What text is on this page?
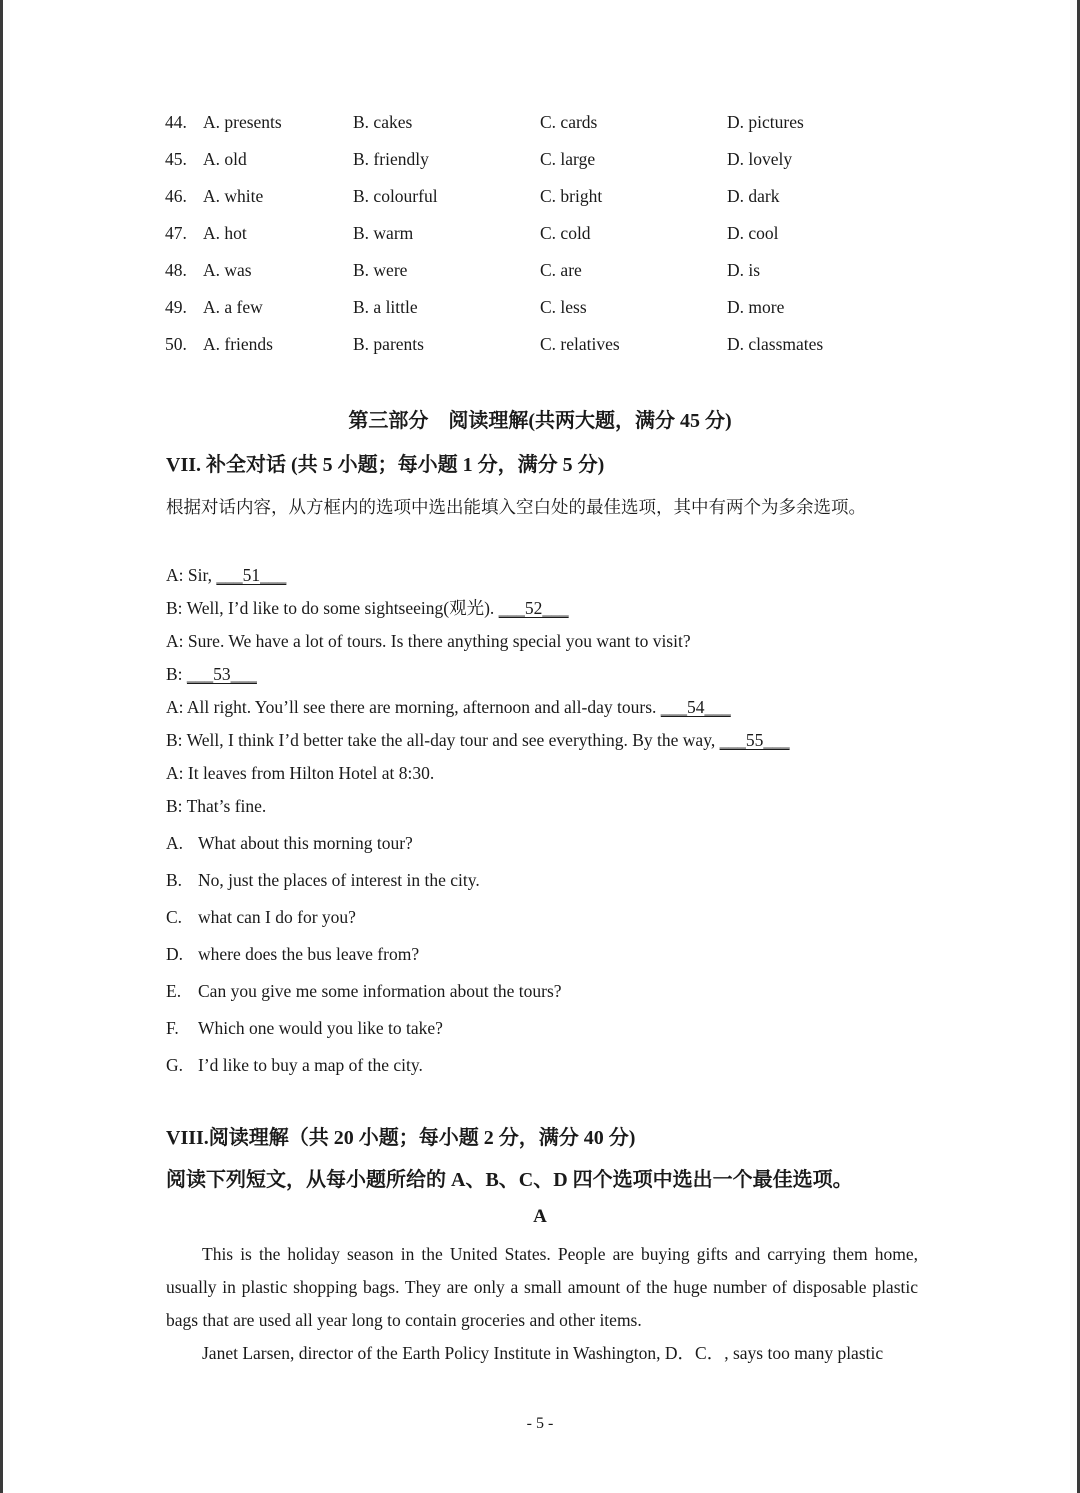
44. A. presents	B. cakes	C. cards	D. pictures
45. A. old	B. friendly	C. large	D. lovely
46. A. white	B. colourful	C. bright	D. dark
47. A. hot	B. warm	C. cold	D. cool
48. A. was	B. were	C. are	D. is
49. A. a few	B. a little	C. less	D. more
50. A. friends	B. parents	C. relatives	D. classmates
第三部分　阅读理解(共两大题，满分 45 分)
VII. 补全对话 (共 5 小题；每小题 1 分，满分 5 分)
根据对话内容，从方框内的选项中选出能填入空白处的最佳选项，其中有两个为多余选项。
A: Sir, ___51___
B: Well, I’d like to do some sightseeing(观光). ___52___
A: Sure. We have a lot of tours. Is there anything special you want to visit?
B: ___53___
A: All right. You’ll see there are morning, afternoon and all-day tours. ___54___
B: Well, I think I’d better take the all-day tour and see everything. By the way, ___55___
A: It leaves from Hilton Hotel at 8:30.
B: That’s fine.
A. What about this morning tour?
B. No, just the places of interest in the city.
C. what can I do for you?
D. where does the bus leave from?
E. Can you give me some information about the tours?
F. Which one would you like to take?
G. I’d like to buy a map of the city.
VIII.阅读理解（共 20 小题；每小题 2 分，满分 40 分)
阅读下列短文，从每小题所给的 A、B、C、D 四个选项中选出一个最佳选项。
A
This is the holiday season in the United States. People are buying gifts and carrying them home, usually in plastic shopping bags. They are only a small amount of the huge number of disposable plastic bags that are used all year long to contain groceries and other items.
Janet Larsen, director of the Earth Policy Institute in Washington, D．C．, says too many plastic
- 5 -
